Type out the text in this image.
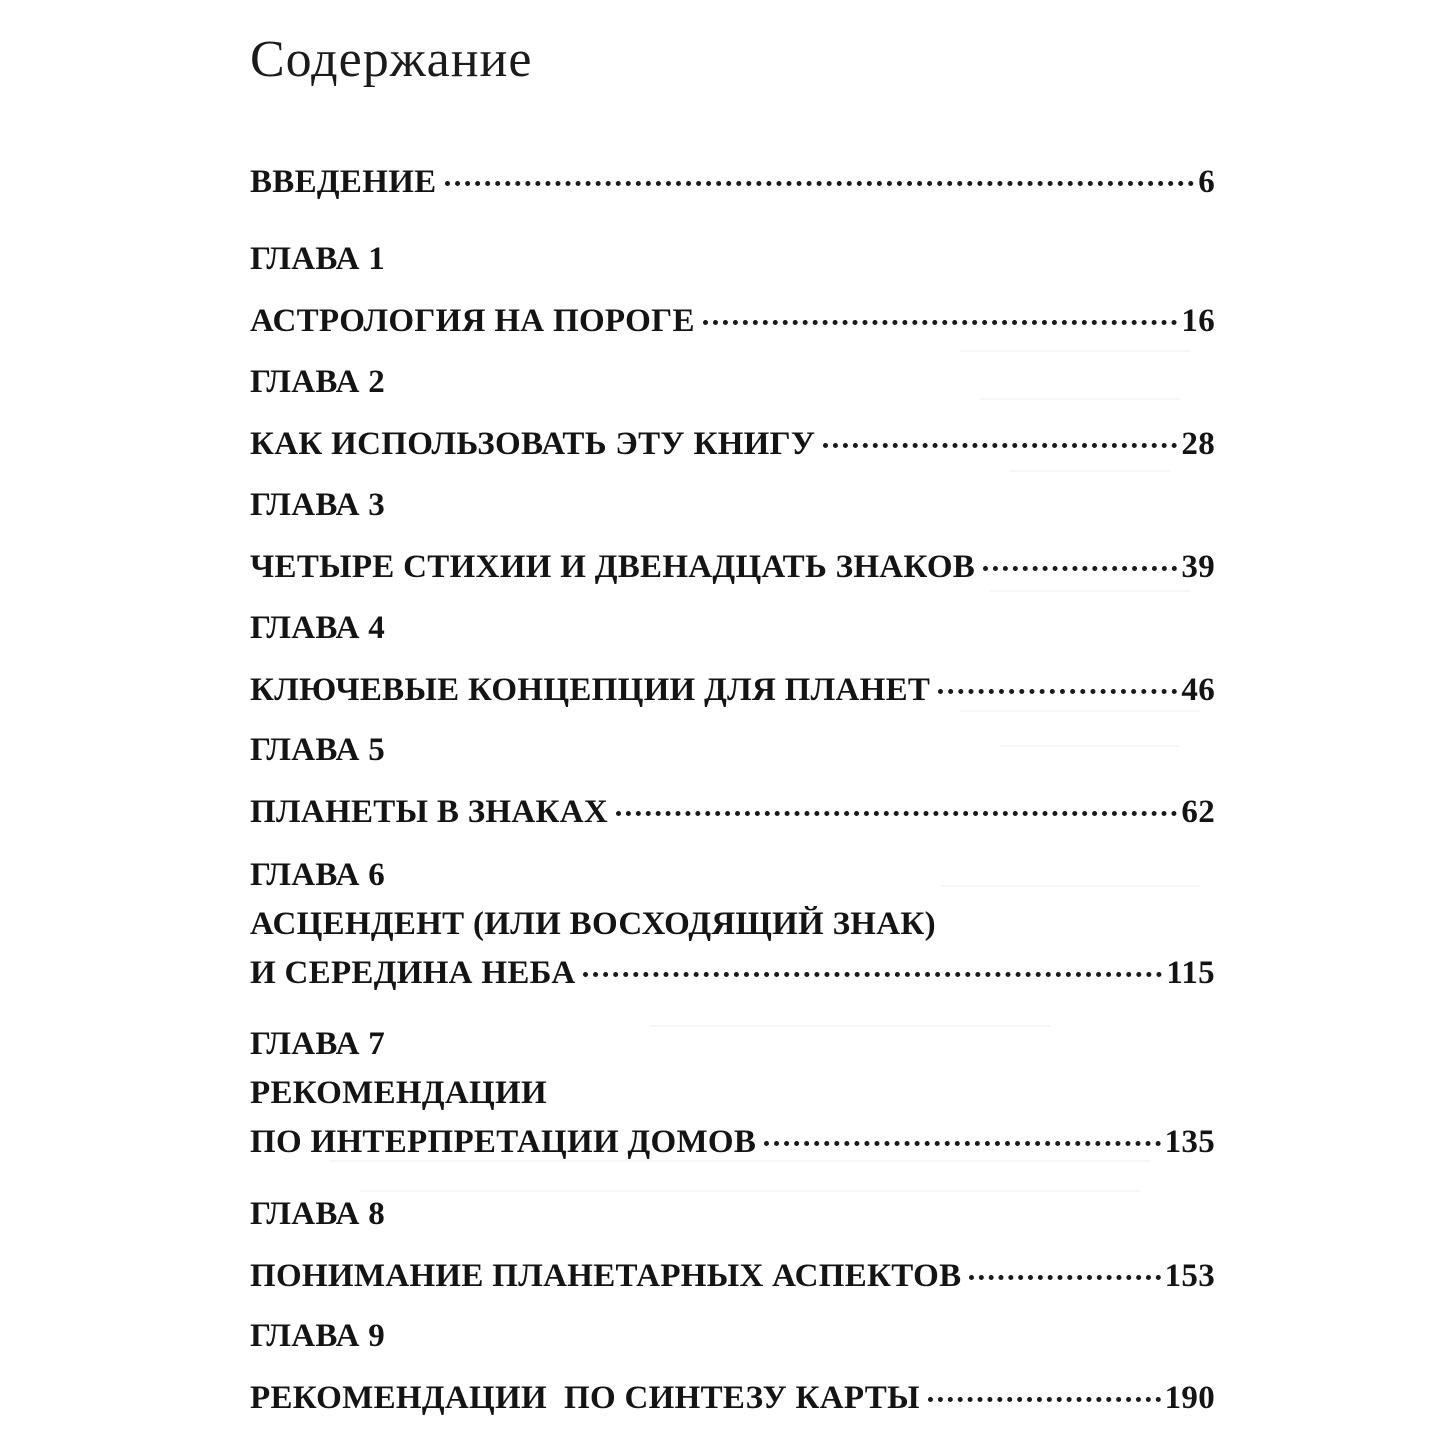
Содержание
ВВЕДЕНИЕ	6
ГЛАВА 1
АСТРОЛОГИЯ НА ПОРОГЕ	16
ГЛАВА 2
КАК ИСПОЛЬЗОВАТЬ ЭТУ КНИГУ	28
ГЛАВА 3
ЧЕТЫРЕ СТИХИИ И ДВЕНАДЦАТЬ ЗНАКОВ	39
ГЛАВА 4
КЛЮЧЕВЫЕ КОНЦЕПЦИИ ДЛЯ ПЛАНЕТ	46
ГЛАВА 5
ПЛАНЕТЫ В ЗНАКАХ	62
ГЛАВА 6
АСЦЕНДЕНТ (ИЛИ ВОСХОДЯЩИЙ ЗНАК)
И СЕРЕДИНА НЕБА	115
ГЛАВА 7
РЕКОМЕНДАЦИИ
ПО ИНТЕРПРЕТАЦИИ ДОМОВ	135
ГЛАВА 8
ПОНИМАНИЕ ПЛАНЕТАРНЫХ АСПЕКТОВ	153
ГЛАВА 9
РЕКОМЕНДАЦИИ  ПО СИНТЕЗУ КАРТЫ	190
